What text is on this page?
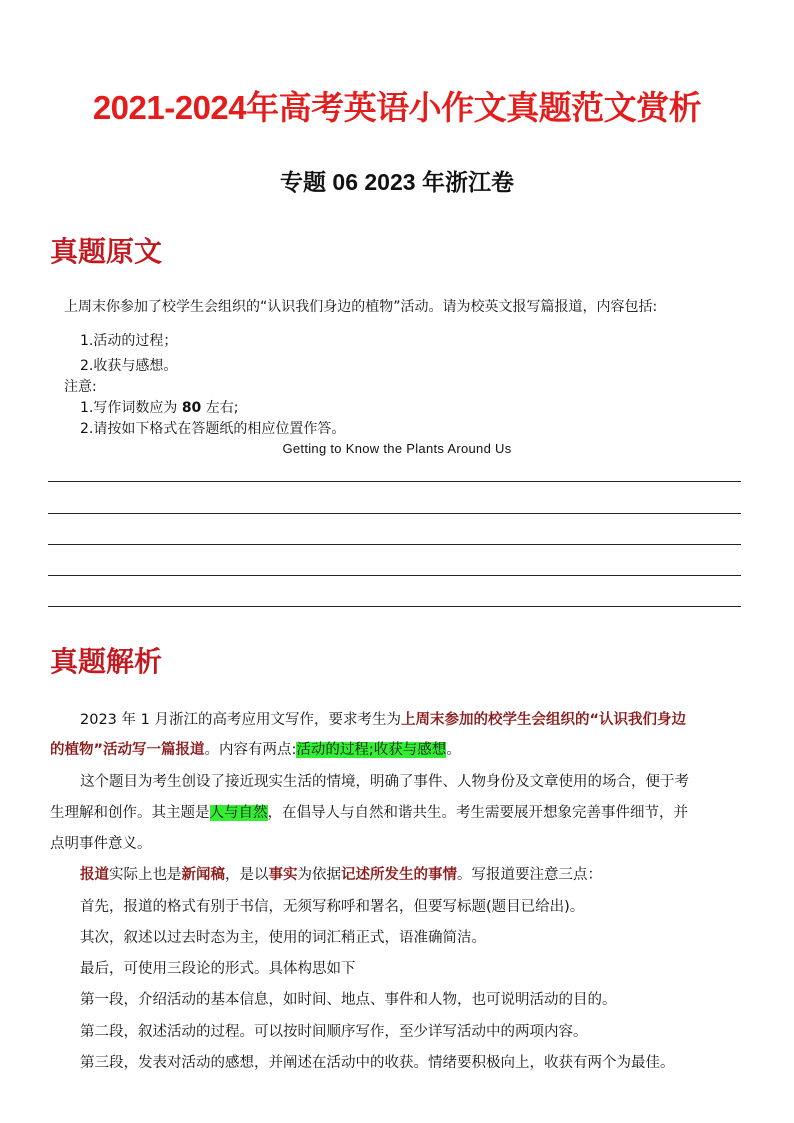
2021-2024年高考英语小作文真题范文赏析
专题 06 2023 年浙江卷
真题原文
上周末你参加了校学生会组织的“认识我们身边的植物”活动。请为校英文报写篇报道，内容包括:
1.活动的过程；
2.收获与感想。
注意:
1.写作词数应为 80 左右;
2.请按如下格式在答题纸的相应位置作答。
Getting to Know the Plants Around Us
真题解析
2023 年 1 月浙江的高考应用文写作，要求考生为上周末参加的校学生会组织的“认识我们身边
的植物”活动写一篇报道。内容有两点:活动的过程;收获与感想。
这个题目为考生创设了接近现实生活的情境，明确了事件、人物身份及文章使用的场合，便于考
生理解和创作。其主题是人与自然，在倡导人与自然和谐共生。考生需要展开想象完善事件细节，并
点明事件意义。
报道实际上也是新闻稿，是以事实为依据记述所发生的事情。写报道要注意三点：
首先，报道的格式有别于书信，无须写称呼和署名，但要写标题(题目已给出)。
其次，叙述以过去时态为主，使用的词汇稍正式，语准确简洁。
最后，可使用三段论的形式。具体构思如下
第一段，介绍活动的基本信息，如时间、地点、事件和人物，也可说明活动的目的。
第二段，叙述活动的过程。可以按时间顺序写作，至少详写活动中的两项内容。
第三段，发表对活动的感想，并阐述在活动中的收获。情绪要积极向上，收获有两个为最佳。
